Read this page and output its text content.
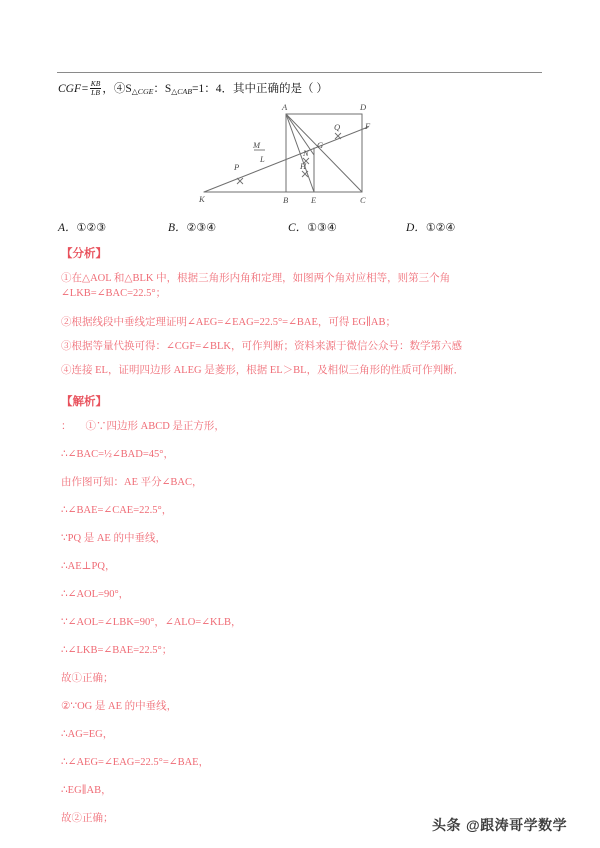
$CGF= \frac{KB}{LB}$ ，$④S_{\triangle CGE}$：$S_{\triangle CAB}=1$：4．其中正确的是（ ）
A	D
F
Q
N
G
M
L
P	H
K	B	E	C
A．①②③	B．②③④	C．①③④	D．①②④
【分析】
①在△AOL 和△BLK 中，根据三角形内角和定理，如图两个角对应相等，则第三个角∠LKB=∠BAC=22.5°；
②根据线段中垂线定理证明∠AEG=∠EAG=22.5°=∠BAE，可得 EG∥AB；
③根据等量代换可得：∠CGF=∠BLK，可作判断；资料来源于微信公众号：数学第六感
④连接 EL，证明四边形 ALEG 是菱形，根据 EL＞BL，及相似三角形的性质可作判断．
【解析】
： ①∵四边形 ABCD 是正方形，
∴∠BAC=½∠BAD=45°，
由作图可知：AE 平分∠BAC，
∴∠BAE=∠CAE=22.5°，
∵PQ 是 AE 的中垂线，
∴AE⊥PQ，
∴∠AOL=90°，
∵∠AOL=∠LBK=90°，∠ALO=∠KLB，
∴∠LKB=∠BAE=22.5°；
故①正确；
②∵OG 是 AE 的中垂线，
∴AG=EG，
∴∠AEG=∠EAG=22.5°=∠BAE，
∴EG∥AB，
故②正确；	头条 @跟涛哥学数学
